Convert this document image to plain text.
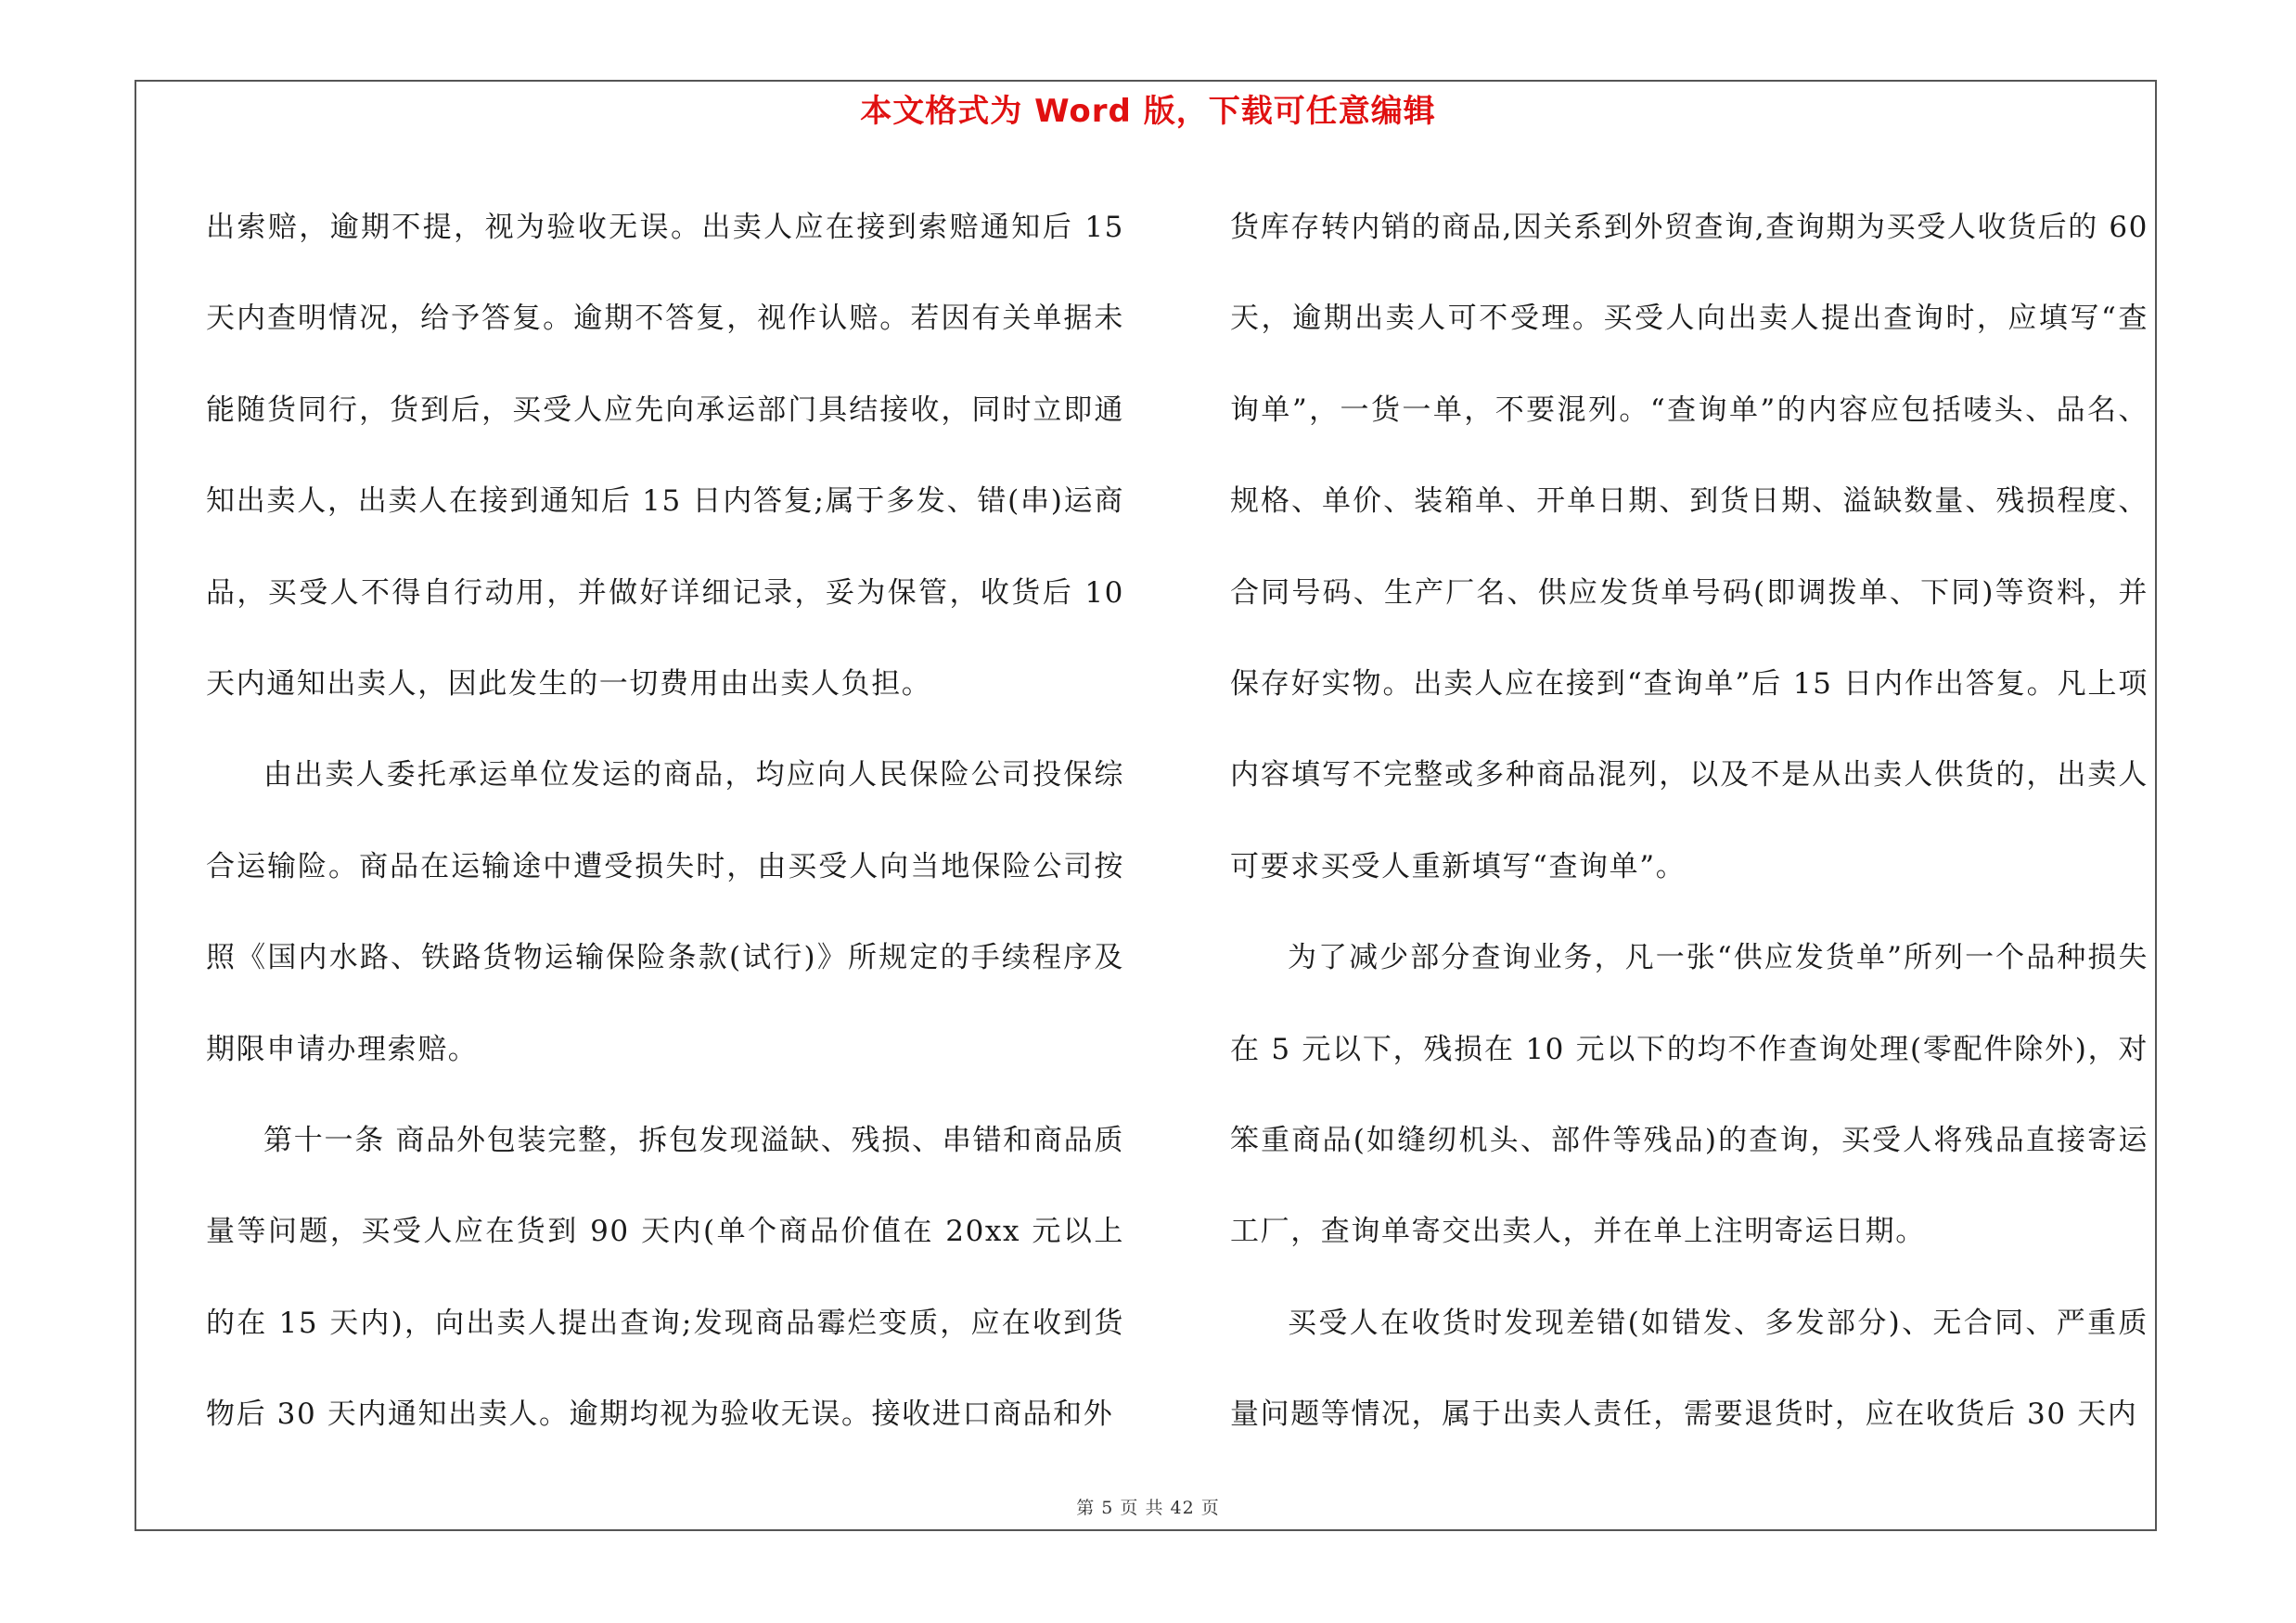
本文格式为 Word 版，下载可任意编辑

出索赔，逾期不提，视为验收无误。出卖人应在接到索赔通知后 15 天内查明情况，给予答复。逾期不答复，视作认赔。若因有关单据未能随货同行，货到后，买受人应先向承运部门具结接收，同时立即通知出卖人，出卖人在接到通知后 15 日内答复;属于多发、错(串)运商品，买受人不得自行动用，并做好详细记录，妥为保管，收货后 10 天内通知出卖人，因此发生的一切费用由出卖人负担。

由出卖人委托承运单位发运的商品，均应向人民保险公司投保综合运输险。商品在运输途中遭受损失时，由买受人向当地保险公司按照《国内水路、铁路货物运输保险条款(试行)》所规定的手续程序及期限申请办理索赔。

第十一条 商品外包装完整，拆包发现溢缺、残损、串错和商品质量等问题，买受人应在货到 90 天内(单个商品价值在 20xx 元以上的在 15 天内)，向出卖人提出查询;发现商品霉烂变质，应在收到货物后 30 天内通知出卖人。逾期均视为验收无误。接收进口商品和外

货库存转内销的商品,因关系到外贸查询,查询期为买受人收货后的 60 天，逾期出卖人可不受理。买受人向出卖人提出查询时，应填写“查询单”，一货一单，不要混列。“查询单”的内容应包括唛头、品名、规格、单价、装箱单、开单日期、到货日期、溢缺数量、残损程度、合同号码、生产厂名、供应发货单号码(即调拨单、下同)等资料，并保存好实物。出卖人应在接到“查询单”后 15 日内作出答复。凡上项内容填写不完整或多种商品混列，以及不是从出卖人供货的，出卖人可要求买受人重新填写“查询单”。

为了减少部分查询业务，凡一张“供应发货单”所列一个品种损失在 5 元以下，残损在 10 元以下的均不作查询处理(零配件除外)，对笨重商品(如缝纫机头、部件等残品)的查询，买受人将残品直接寄运工厂，查询单寄交出卖人，并在单上注明寄运日期。

买受人在收货时发现差错(如错发、多发部分)、无合同、严重质量问题等情况，属于出卖人责任，需要退货时，应在收货后 30 天内

第 5 页 共 42 页
